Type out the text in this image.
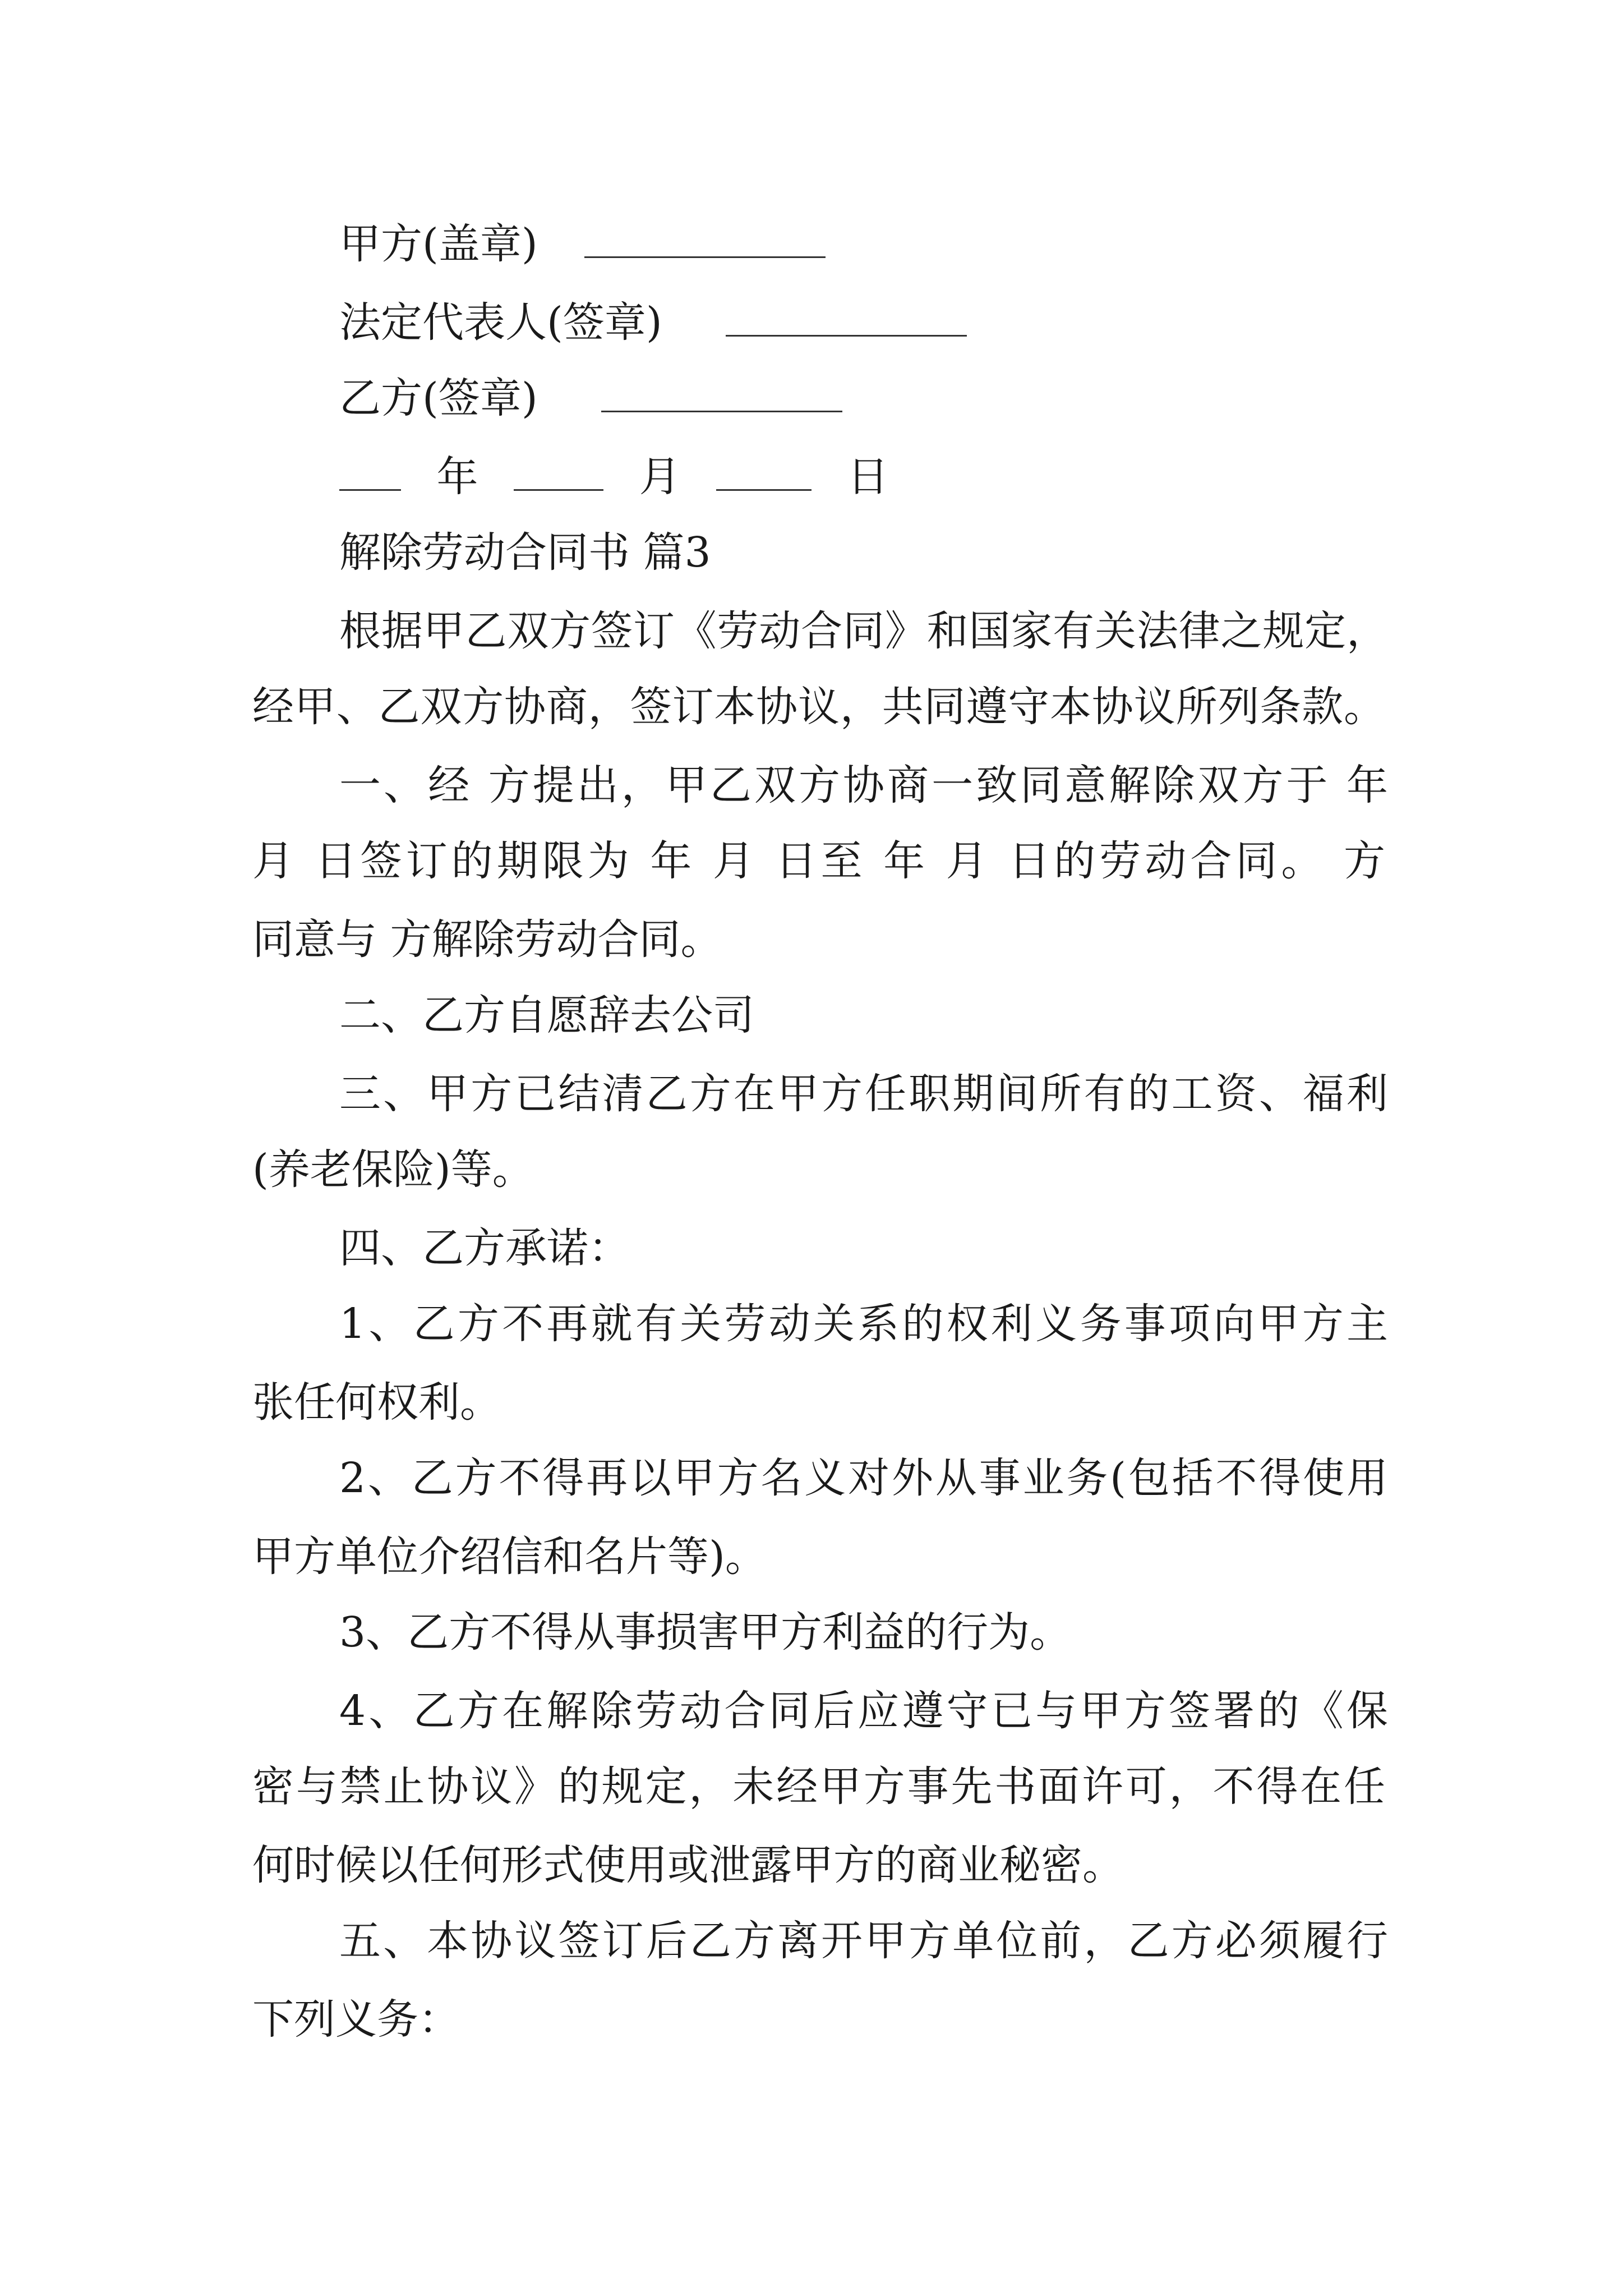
甲方(盖章)
法定代表人(签章)
乙方(签章)
年	月	日
解除劳动合同书 篇3
根据甲乙双方签订《劳动合同》和国家有关法律之规定，
经甲、乙双方协商，签订本协议，共同遵守本协议所列条款。
一、经 方提出，甲乙双方协商一致同意解除双方于 年
月 日签订的期限为 年 月 日至 年 月 日的劳动合同。 方
同意与 方解除劳动合同。
二、乙方自愿辞去公司
三、甲方已结清乙方在甲方任职期间所有的工资、福利
(养老保险)等。
四、乙方承诺：
1、乙方不再就有关劳动关系的权利义务事项向甲方主
张任何权利。
2、乙方不得再以甲方名义对外从事业务(包括不得使用
甲方单位介绍信和名片等)。
3、乙方不得从事损害甲方利益的行为。
4、乙方在解除劳动合同后应遵守已与甲方签署的《保
密与禁止协议》的规定，未经甲方事先书面许可，不得在任
何时候以任何形式使用或泄露甲方的商业秘密。
五、本协议签订后乙方离开甲方单位前，乙方必须履行
下列义务：
